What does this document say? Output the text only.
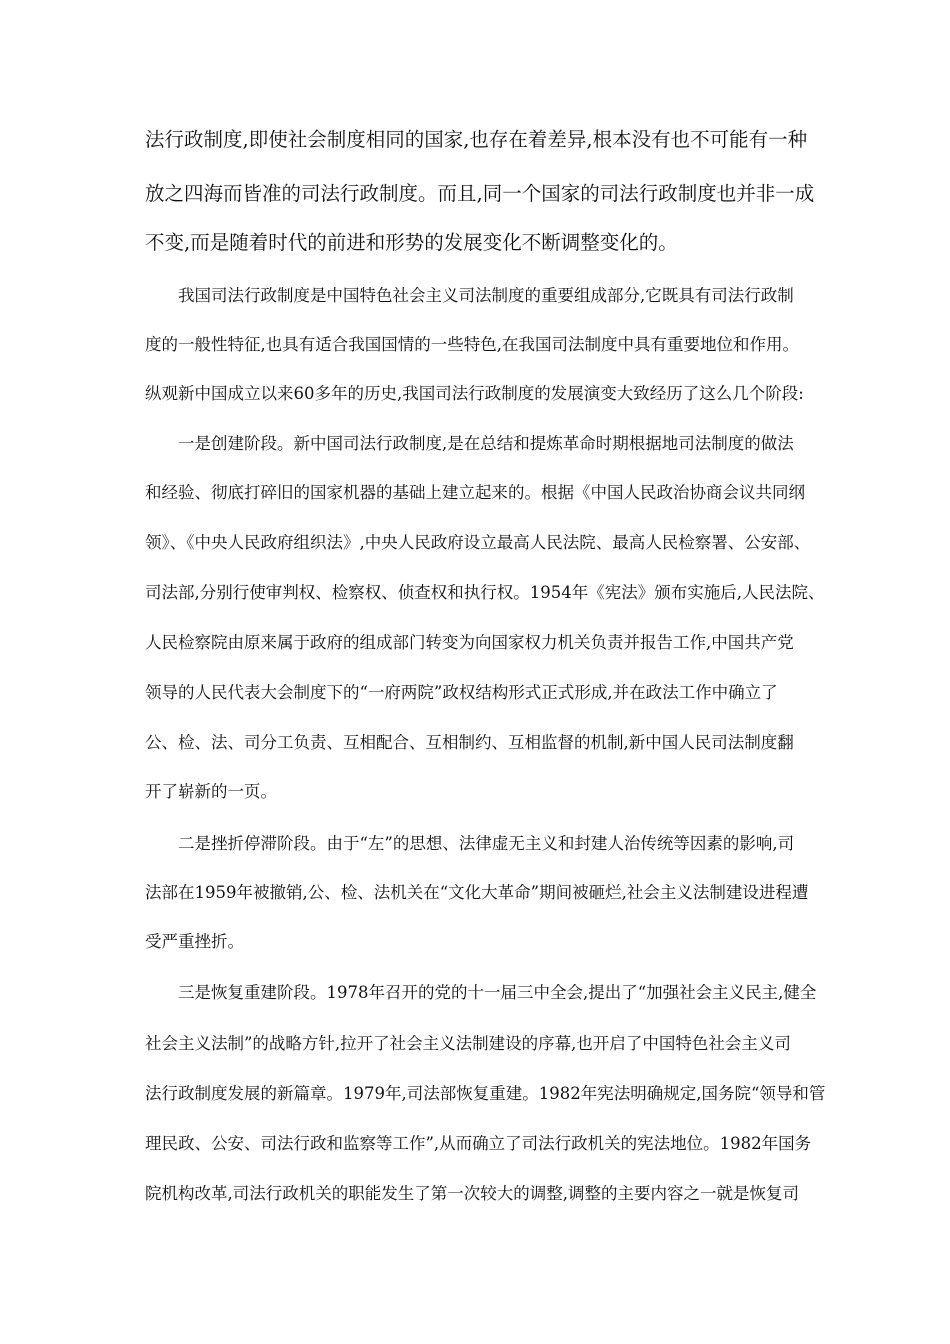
法行政制度,即使社会制度相同的国家,也存在着差异,根本没有也不可能有一种
放之四海而皆准的司法行政制度。而且,同一个国家的司法行政制度也并非一成
不变,而是随着时代的前进和形势的发展变化不断调整变化的。
我国司法行政制度是中国特色社会主义司法制度的重要组成部分,它既具有司法行政制
度的一般性特征,也具有适合我国国情的一些特色,在我国司法制度中具有重要地位和作用。
纵观新中国成立以来60多年的历史,我国司法行政制度的发展演变大致经历了这么几个阶段:
一是创建阶段。新中国司法行政制度,是在总结和提炼革命时期根据地司法制度的做法
和经验、彻底打碎旧的国家机器的基础上建立起来的。根据《中国人民政治协商会议共同纲
领》、《中央人民政府组织法》,中央人民政府设立最高人民法院、最高人民检察署、公安部、
司法部,分别行使审判权、检察权、侦查权和执行权。1954年《宪法》颁布实施后,人民法院、
人民检察院由原来属于政府的组成部门转变为向国家权力机关负责并报告工作,中国共产党
领导的人民代表大会制度下的“一府两院”政权结构形式正式形成,并在政法工作中确立了
公、检、法、司分工负责、互相配合、互相制约、互相监督的机制,新中国人民司法制度翻
开了崭新的一页。
二是挫折停滞阶段。由于“左”的思想、法律虚无主义和封建人治传统等因素的影响,司
法部在1959年被撤销,公、检、法机关在“文化大革命”期间被砸烂,社会主义法制建设进程遭
受严重挫折。
三是恢复重建阶段。1978年召开的党的十一届三中全会,提出了“加强社会主义民主,健全
社会主义法制”的战略方针,拉开了社会主义法制建设的序幕,也开启了中国特色社会主义司
法行政制度发展的新篇章。1979年,司法部恢复重建。1982年宪法明确规定,国务院“领导和管
理民政、公安、司法行政和监察等工作”,从而确立了司法行政机关的宪法地位。1982年国务
院机构改革,司法行政机关的职能发生了第一次较大的调整,调整的主要内容之一就是恢复司
